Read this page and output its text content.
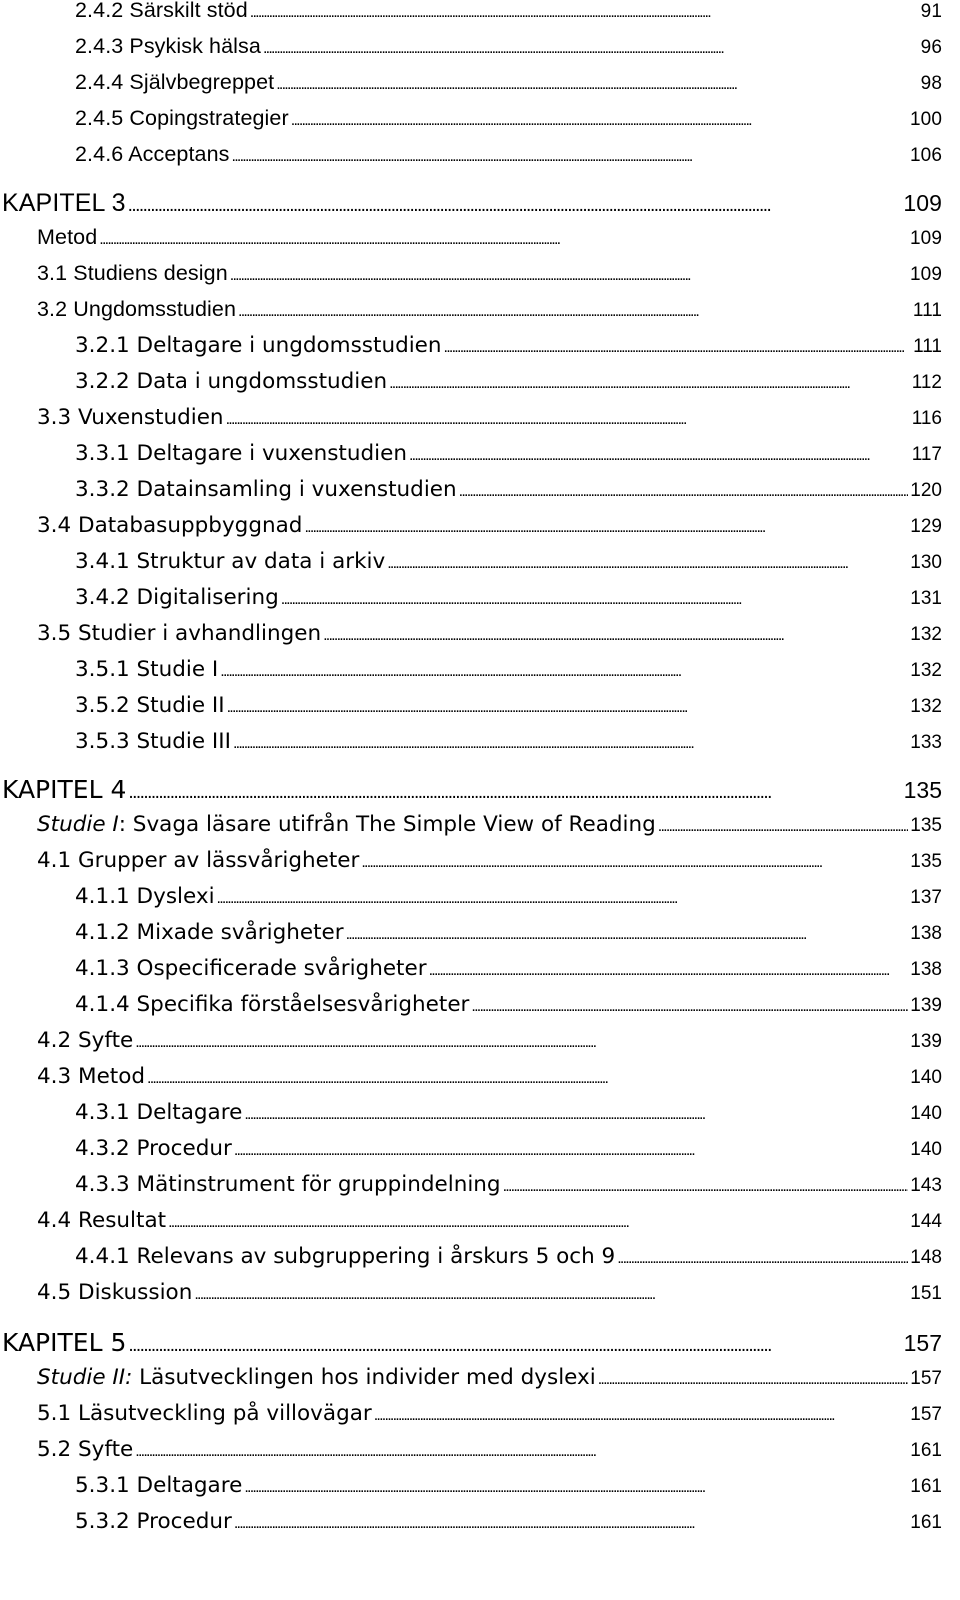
2.4.2 Särskilt stöd . . .	91
2.4.3 Psykisk hälsa . . .	96
2.4.4 Självbegreppet . . .	98
2.4.5 Copingstrategier . . .	100
2.4.6 Acceptans . . .	106
KAPITEL 3 . . .	109
Metod . . .	109
3.1 Studiens design . . .	109
3.2 Ungdomsstudien . . .	111
3.2.1 Deltagare i ungdomsstudien . . .	111
3.2.2 Data i ungdomsstudien . . .	112
3.3 Vuxenstudien . . .	116
3.3.1 Deltagare i vuxenstudien . . .	117
3.3.2 Datainsamling i vuxenstudien . . .	120
3.4 Databasuppbyggnad . . .	129
3.4.1 Struktur av data i arkiv . . .	130
3.4.2 Digitalisering . . .	131
3.5 Studier i avhandlingen . . .	132
3.5.1 Studie I . . .	132
3.5.2 Studie II . . .	132
3.5.3 Studie III . . .	133
KAPITEL 4 . . .	135
Studie I: Svaga läsare utifrån The Simple View of Reading . . .	135
4.1 Grupper av lässvårigheter . . .	135
4.1.1 Dyslexi . . .	137
4.1.2 Mixade svårigheter . . .	138
4.1.3 Ospecificerade svårigheter . . .	138
4.1.4 Specifika förståelsesvårigheter . . .	139
4.2 Syfte . . .	139
4.3 Metod . . .	140
4.3.1 Deltagare . . .	140
4.3.2 Procedur . . .	140
4.3.3 Mätinstrument för gruppindelning . . .	143
4.4 Resultat . . .	144
4.4.1 Relevans av subgruppering i årskurs 5 och 9 . . .	148
4.5 Diskussion . . .	151
KAPITEL 5 . . .	157
Studie II: Läsutvecklingen hos individer med dyslexi . . .	157
5.1 Läsutveckling på villovägar . . .	157
5.2 Syfte . . .	161
5.3.1 Deltagare . . .	161
5.3.2 Procedur . . .	161
